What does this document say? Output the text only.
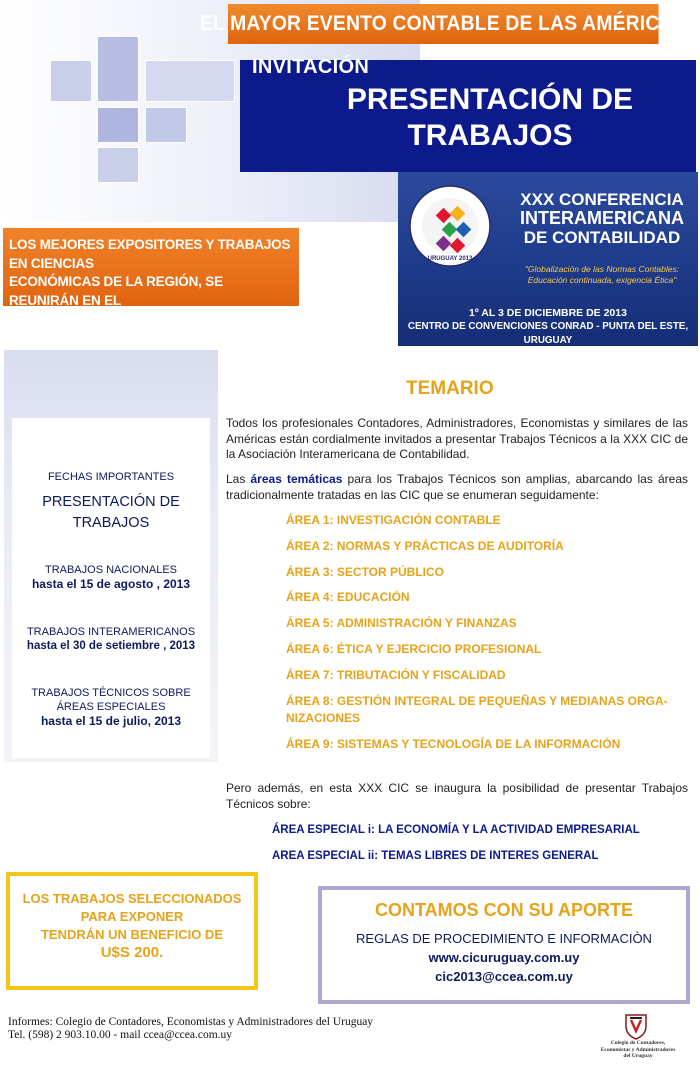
EL MAYOR EVENTO CONTABLE DE LAS AMÉRICAS
INVITACIÓN
PRESENTACIÓN DE
TRABAJOS
LOS MEJORES EXPOSITORES Y TRABAJOS EN CIENCIAS
ECONÓMICAS DE LA REGIÓN, SE REUNIRÁN EN EL
BALNEARIO MÁS EXCLUSIVO DE SUDAMÉRICA
URUGUAY 2013
XXX CONFERENCIA
INTERAMERICANA
DE CONTABILIDAD
"Globalización de las Normas Contables:
Educación continuada, exigencia Ética"
1º AL 3 DE DICIEMBRE DE 2013
CENTRO DE CONVENCIONES CONRAD - PUNTA DEL ESTE, URUGUAY
FECHAS IMPORTANTES
PRESENTACIÓN DE
TRABAJOS
TRABAJOS NACIONALES
hasta el 15 de agosto , 2013
TRABAJOS INTERAMERICANOS
hasta el 30 de setiembre , 2013
TRABAJOS TÉCNICOS SOBRE
ÁREAS ESPECIALES
hasta el 15 de julio, 2013
TEMARIO
Todos los profesionales Contadores, Administradores, Economistas y similares de las Américas están cordialmente invitados a presentar Trabajos Técnicos a la XXX CIC de la Asociación Interamericana de Contabilidad.
Las áreas temáticas para los Trabajos Técnicos son amplias, abarcando las áreas tradicionalmente tratadas en las CIC que se enumeran seguidamente:
ÁREA 1: INVESTIGACIÓN CONTABLE
ÁREA 2: NORMAS Y PRÁCTICAS DE AUDITORÍA
ÁREA 3: SECTOR PÚBLICO
ÁREA 4: EDUCACIÓN
ÁREA 5: ADMINISTRACIÓN Y FINANZAS
ÁREA 6: ÉTICA Y EJERCICIO PROFESIONAL
ÁREA 7: TRIBUTACIÓN Y FISCALIDAD
ÁREA 8: GESTIÓN INTEGRAL DE PEQUEÑAS Y MEDIANAS ORGA-
NIZACIONES
ÁREA 9: SISTEMAS Y TECNOLOGÍA DE LA INFORMACIÓN
Pero además, en esta XXX CIC se inaugura la posibilidad de presentar Trabajos Técnicos sobre:
ÁREA ESPECIAL i: LA ECONOMÍA Y LA ACTIVIDAD EMPRESARIAL
AREA ESPECIAL ii: TEMAS LIBRES DE INTERES GENERAL
LOS TRABAJOS SELECCIONADOS
PARA EXPONER
TENDRÁN UN BENEFICIO DE
U$S 200.
CONTAMOS CON SU APORTE
REGLAS DE PROCEDIMIENTO E INFORMACIÒN
www.cicuruguay.com.uy
cic2013@ccea.com.uy
Informes: Colegio de Contadores, Economistas y Administradores del Uruguay
Tel. (598) 2 903.10.00 - mail ccea@ccea.com.uy
Colegio de Contadores,
Economistas y Administradores
del Uruguay
